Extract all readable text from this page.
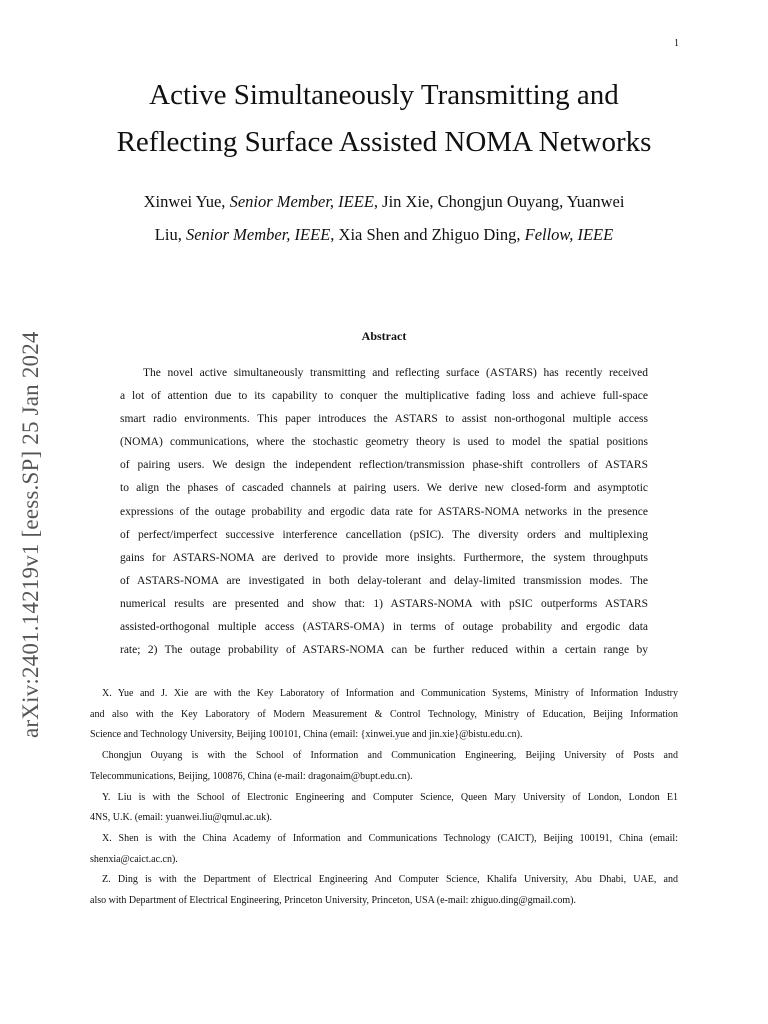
1
arXiv:2401.14219v1 [eess.SP] 25 Jan 2024
Active Simultaneously Transmitting and
Reflecting Surface Assisted NOMA Networks
Xinwei Yue, Senior Member, IEEE, Jin Xie, Chongjun Ouyang, Yuanwei
Liu, Senior Member, IEEE, Xia Shen and Zhiguo Ding, Fellow, IEEE
Abstract
The novel active simultaneously transmitting and reflecting surface (ASTARS) has recently received
a lot of attention due to its capability to conquer the multiplicative fading loss and achieve full-space
smart radio environments. This paper introduces the ASTARS to assist non-orthogonal multiple access
(NOMA) communications, where the stochastic geometry theory is used to model the spatial positions
of pairing users. We design the independent reflection/transmission phase-shift controllers of ASTARS
to align the phases of cascaded channels at pairing users. We derive new closed-form and asymptotic
expressions of the outage probability and ergodic data rate for ASTARS-NOMA networks in the presence
of perfect/imperfect successive interference cancellation (pSIC). The diversity orders and multiplexing
gains for ASTARS-NOMA are derived to provide more insights. Furthermore, the system throughputs
of ASTARS-NOMA are investigated in both delay-tolerant and delay-limited transmission modes. The
numerical results are presented and show that: 1) ASTARS-NOMA with pSIC outperforms ASTARS
assisted-orthogonal multiple access (ASTARS-OMA) in terms of outage probability and ergodic data
rate; 2) The outage probability of ASTARS-NOMA can be further reduced within a certain range by
X. Yue and J. Xie are with the Key Laboratory of Information and Communication Systems, Ministry of Information Industry
and also with the Key Laboratory of Modern Measurement & Control Technology, Ministry of Education, Beijing Information
Science and Technology University, Beijing 100101, China (email: {xinwei.yue and jin.xie}@bistu.edu.cn).
Chongjun Ouyang is with the School of Information and Communication Engineering, Beijing University of Posts and
Telecommunications, Beijing, 100876, China (e-mail: dragonaim@bupt.edu.cn).
Y. Liu is with the School of Electronic Engineering and Computer Science, Queen Mary University of London, London E1
4NS, U.K. (email: yuanwei.liu@qmul.ac.uk).
X. Shen is with the China Academy of Information and Communications Technology (CAICT), Beijing 100191, China (email:
shenxia@caict.ac.cn).
Z. Ding is with the Department of Electrical Engineering And Computer Science, Khalifa University, Abu Dhabi, UAE, and
also with Department of Electrical Engineering, Princeton University, Princeton, USA (e-mail: zhiguo.ding@gmail.com).
